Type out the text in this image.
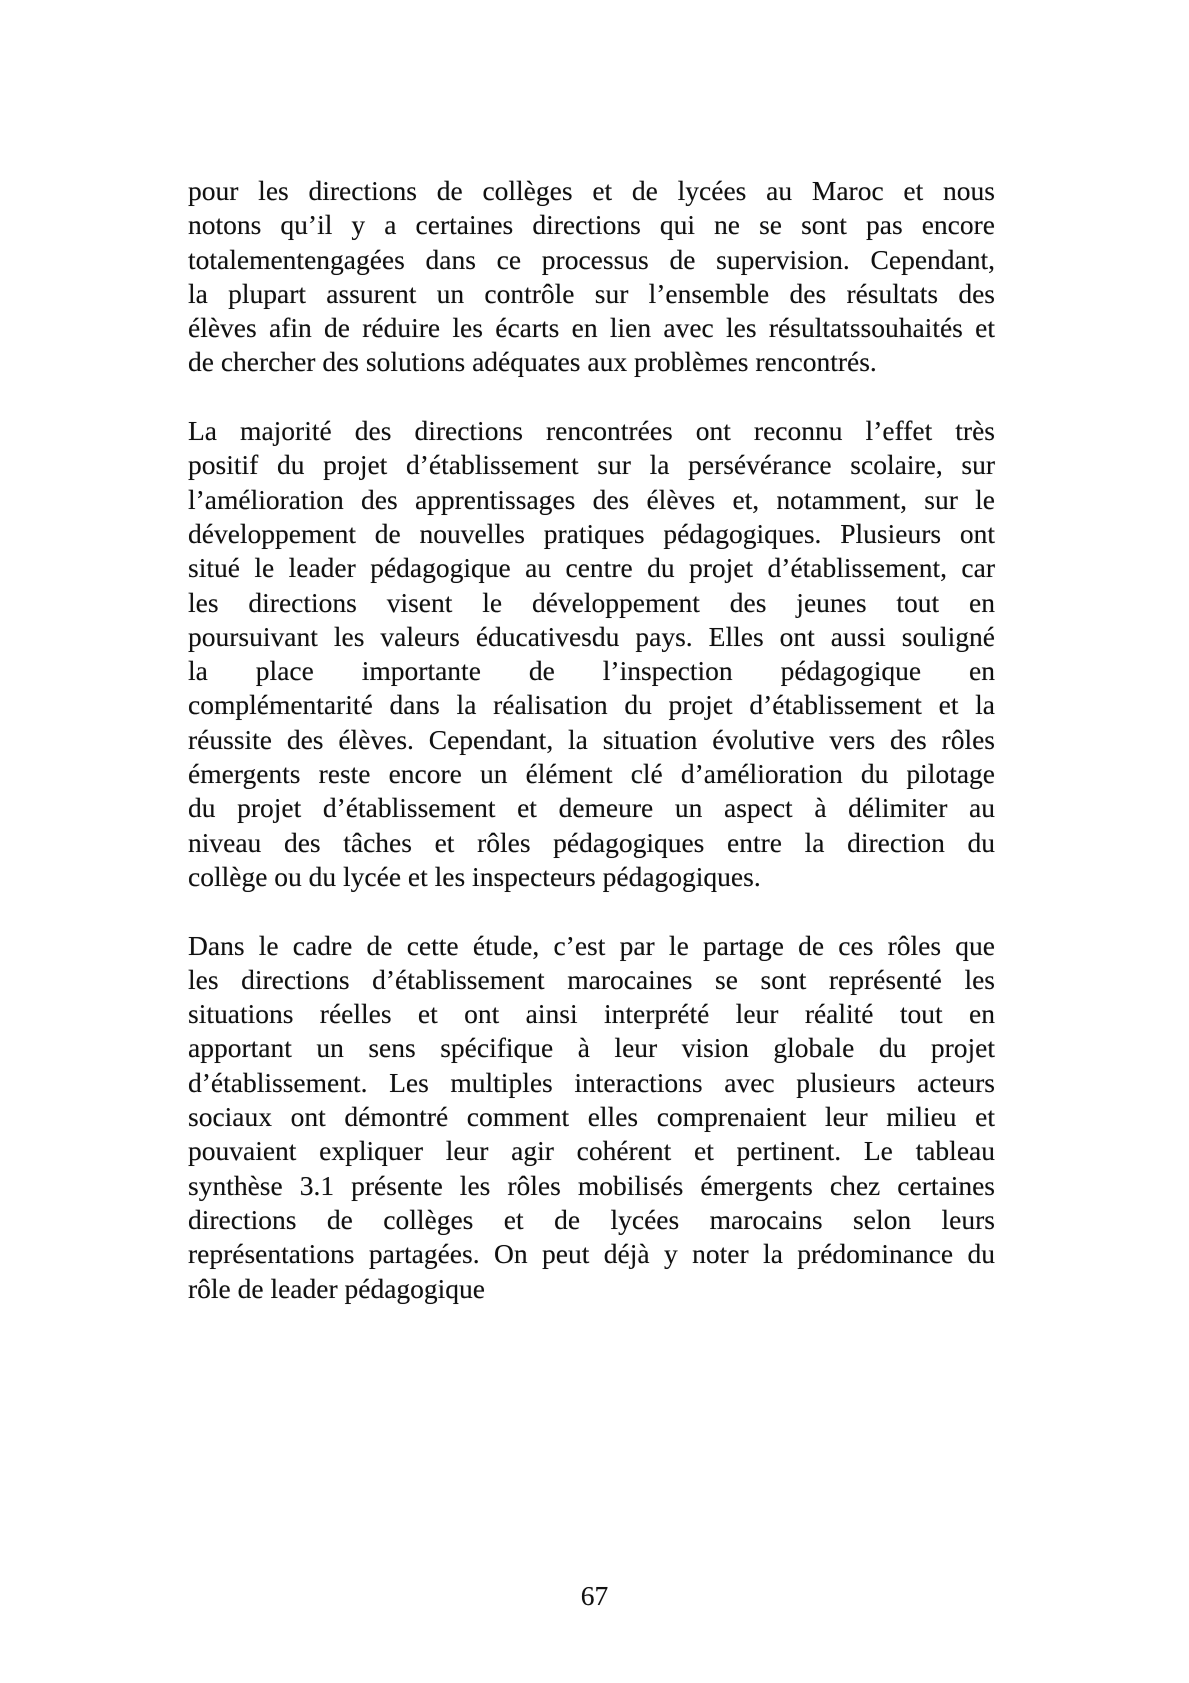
pour les directions de collèges et de lycées au Maroc et nous
notons qu’il y a certaines directions qui ne se sont pas encore
totalementengagées dans ce processus de supervision. Cependant,
la plupart assurent un contrôle sur l’ensemble des résultats des
élèves afin de réduire les écarts en lien avec les résultatssouhaités et
de chercher des solutions adéquates aux problèmes rencontrés.
La majorité des directions rencontrées ont reconnu l’effet très
positif du projet d’établissement sur la persévérance scolaire, sur
l’amélioration des apprentissages des élèves et, notamment, sur le
développement de nouvelles pratiques pédagogiques. Plusieurs ont
situé le leader pédagogique au centre du projet d’établissement, car
les directions visent le développement des jeunes tout en
poursuivant les valeurs éducativesdu pays. Elles ont aussi souligné
la place importante de l’inspection pédagogique en
complémentarité dans la réalisation du projet d’établissement et la
réussite des élèves. Cependant, la situation évolutive vers des rôles
émergents reste encore un élément clé d’amélioration du pilotage
du projet d’établissement et demeure un aspect à délimiter au
niveau des tâches et rôles pédagogiques entre la direction du
collège ou du lycée et les inspecteurs pédagogiques.
Dans le cadre de cette étude, c’est par le partage de ces rôles que
les directions d’établissement marocaines se sont représenté les
situations réelles et ont ainsi interprété leur réalité tout en
apportant un sens spécifique à leur vision globale du projet
d’établissement. Les multiples interactions avec plusieurs acteurs
sociaux ont démontré comment elles comprenaient leur milieu et
pouvaient expliquer leur agir cohérent et pertinent. Le tableau
synthèse 3.1 présente les rôles mobilisés émergents chez certaines
directions de collèges et de lycées marocains selon leurs
représentations partagées. On peut déjà y noter la prédominance du
rôle de leader pédagogique
67
